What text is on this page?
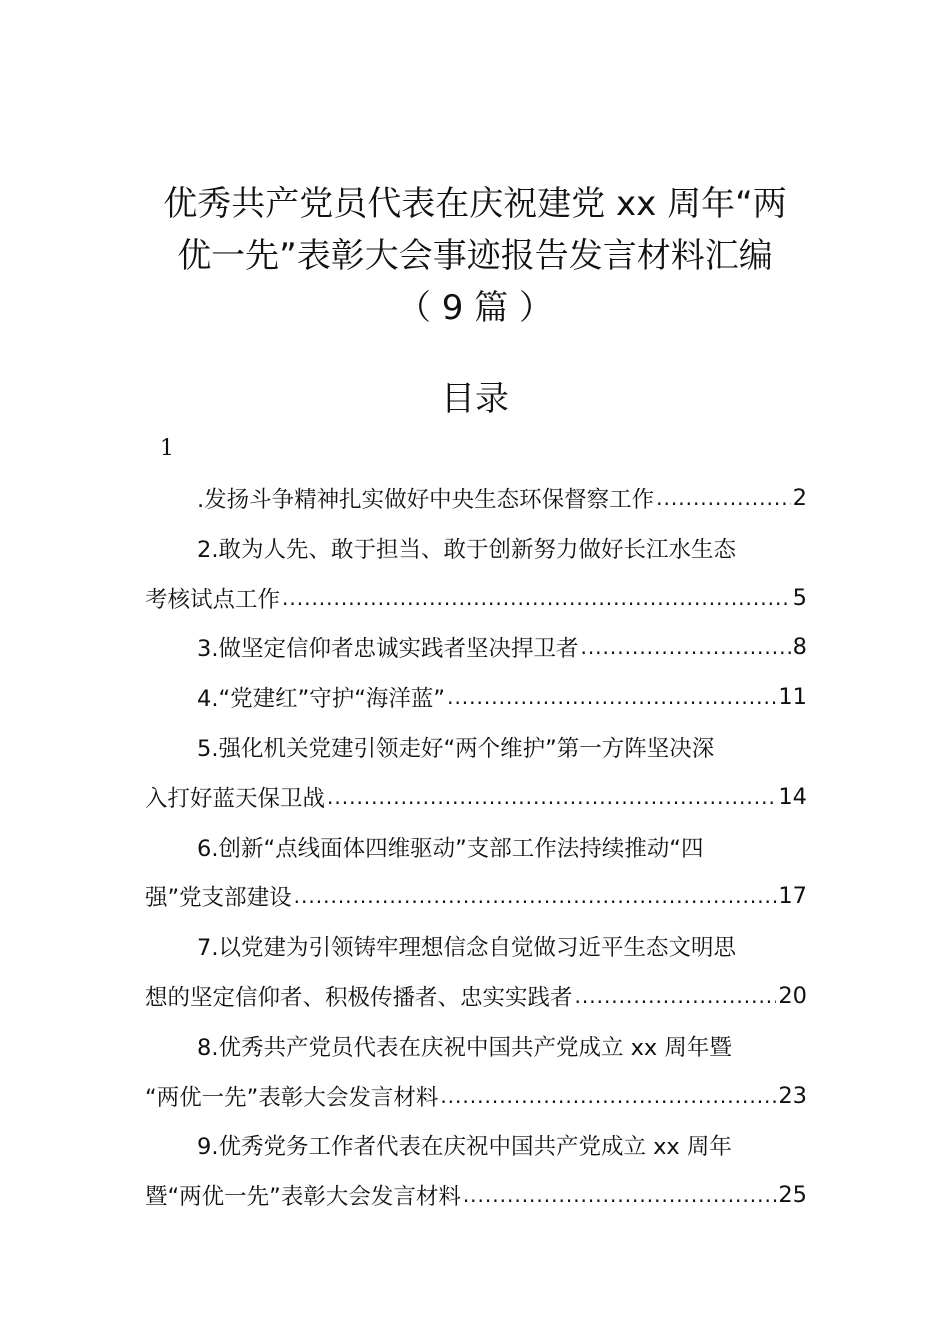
优秀共产党员代表在庆祝建党 xx 周年“两
优一先”表彰大会事迹报告发言材料汇编
（ 9 篇 ）
目录
1
.发扬斗争精神扎实做好中央生态环保督察工作 .....	2
2.敢为人先、敢于担当、敢于创新努力做好长江水生态
考核试点工作 .....	5
3.做坚定信仰者忠诚实践者坚决捍卫者 .....	8
4.“党建红”守护“海洋蓝” .....	11
5.强化机关党建引领走好“两个维护”第一方阵坚决深
入打好蓝天保卫战 .....	14
6.创新“点线面体四维驱动”支部工作法持续推动“四
强”党支部建设 .....	17
7.以党建为引领铸牢理想信念自觉做习近平生态文明思
想的坚定信仰者、积极传播者、忠实实践者 .....	20
8.优秀共产党员代表在庆祝中国共产党成立 xx 周年暨
“两优一先”表彰大会发言材料 .....	23
9.优秀党务工作者代表在庆祝中国共产党成立 xx 周年
暨“两优一先”表彰大会发言材料 .....	25
